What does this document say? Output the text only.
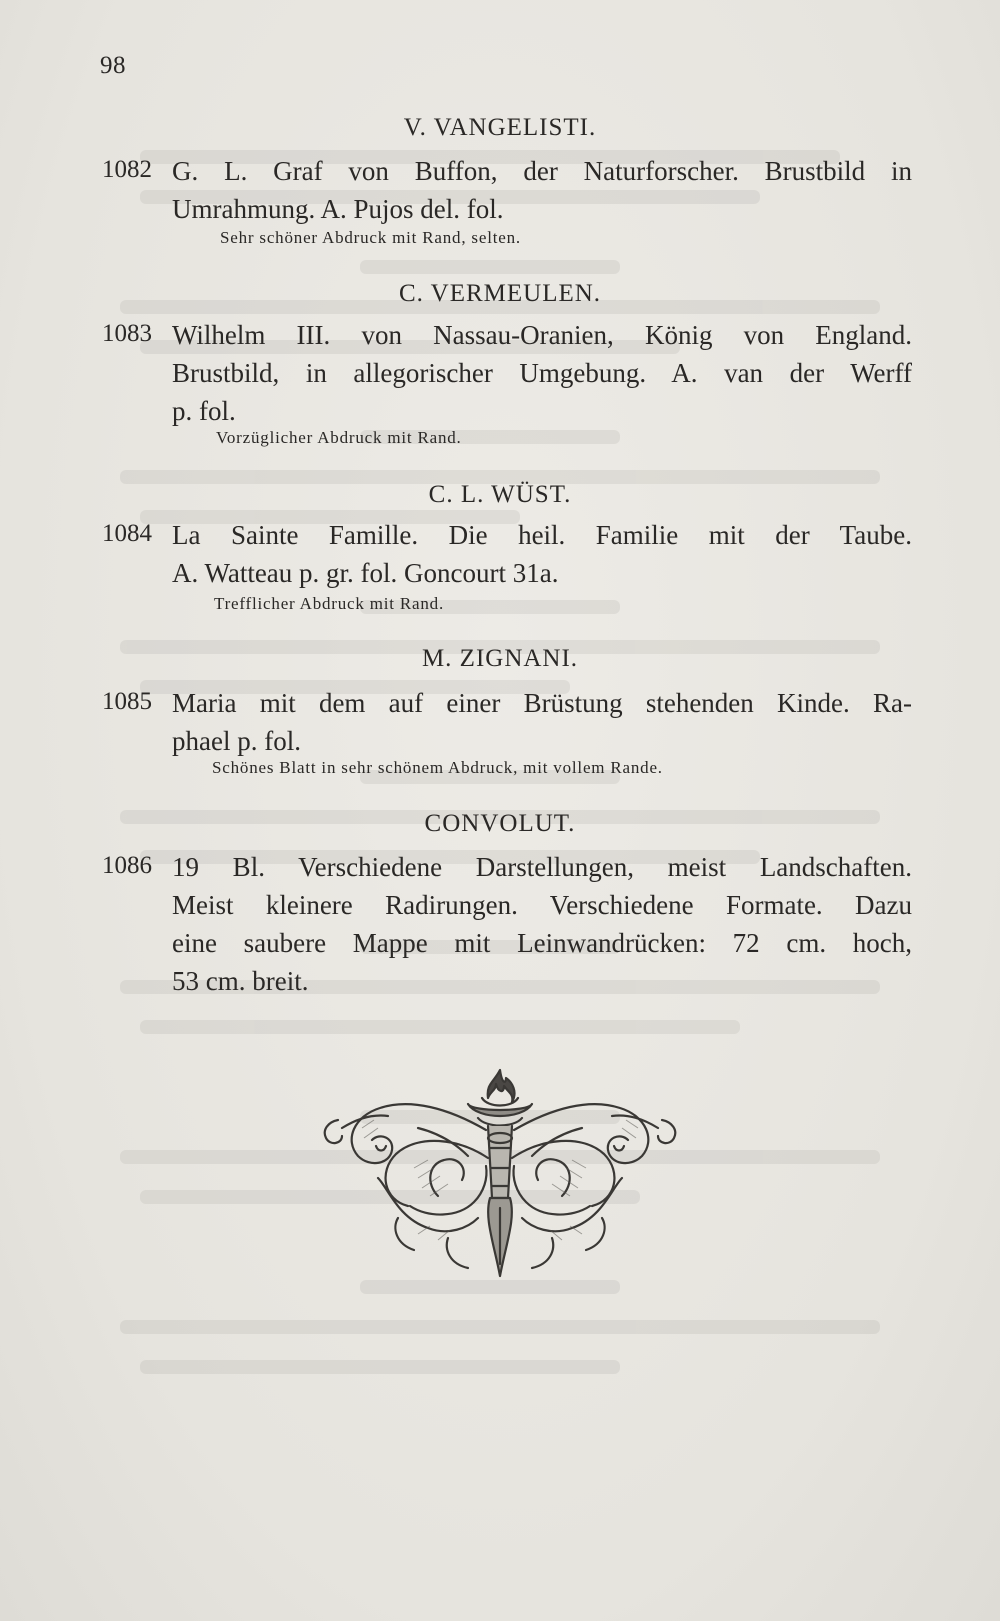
98
V. VANGELISTI.
1082 G. L. Graf von Buffon, der Naturforscher. Brustbild in
Umrahmung. A. Pujos del. fol.
Sehr schöner Abdruck mit Rand, selten.
C. VERMEULEN.
1083 Wilhelm III. von Nassau-Oranien, König von England.
Brustbild, in allegorischer Umgebung. A. van der Werff
p. fol.
Vorzüglicher Abdruck mit Rand.
C. L. WÜST.
1084 La Sainte Famille. Die heil. Familie mit der Taube.
A. Watteau p. gr. fol. Goncourt 31a.
Trefflicher Abdruck mit Rand.
M. ZIGNANI.
1085 Maria mit dem auf einer Brüstung stehenden Kinde. Ra-
phael p. fol.
Schönes Blatt in sehr schönem Abdruck, mit vollem Rande.
CONVOLUT.
1086 19 Bl. Verschiedene Darstellungen, meist Landschaften.
Meist kleinere Radirungen. Verschiedene Formate. Dazu
eine saubere Mappe mit Leinwandrücken: 72 cm. hoch,
53 cm. breit.
